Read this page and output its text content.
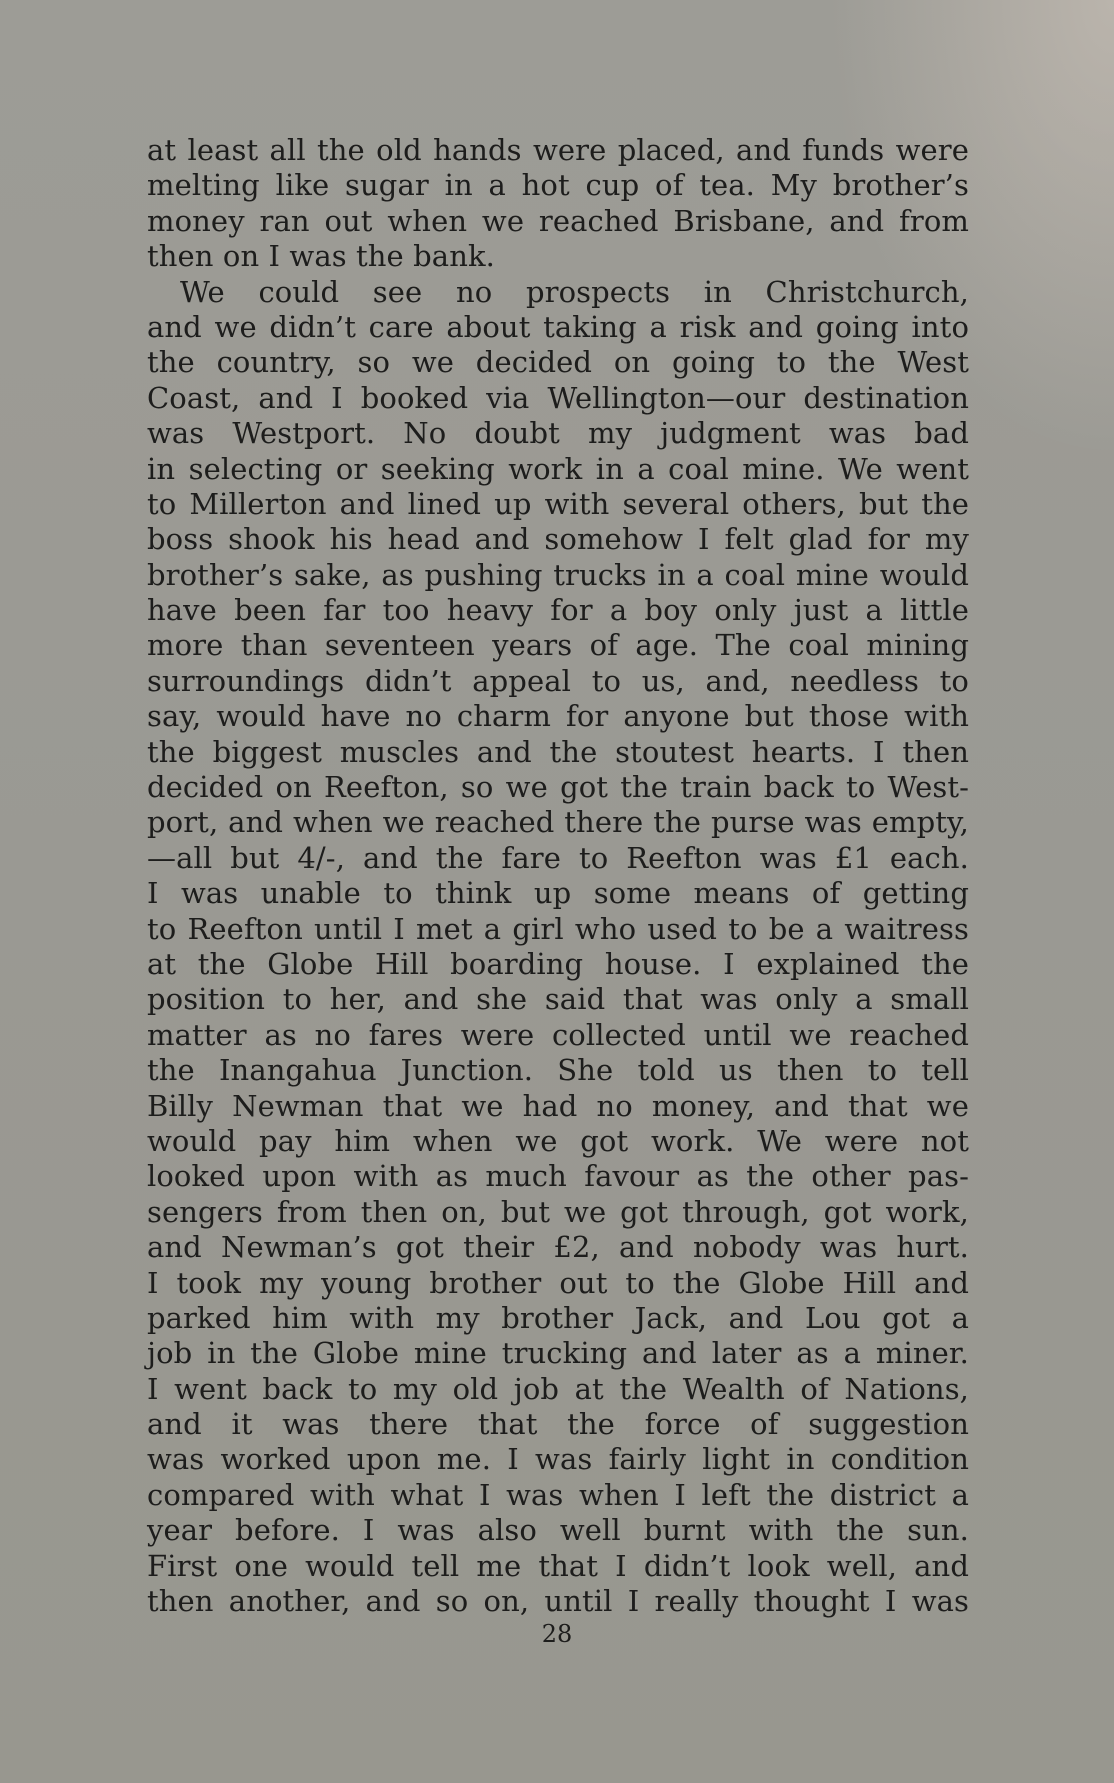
at least all the old hands were placed, and funds were
melting like sugar in a hot cup of tea. My brother’s
money ran out when we reached Brisbane, and from
then on I was the bank.
We could see no prospects in Christchurch,
and we didn’t care about taking a risk and going into
the country, so we decided on going to the West
Coast, and I booked via Wellington—our destination
was Westport. No doubt my judgment was bad
in selecting or seeking work in a coal mine. We went
to Millerton and lined up with several others, but the
boss shook his head and somehow I felt glad for my
brother’s sake, as pushing trucks in a coal mine would
have been far too heavy for a boy only just a little
more than seventeen years of age. The coal mining
surroundings didn’t appeal to us, and, needless to
say, would have no charm for anyone but those with
the biggest muscles and the stoutest hearts. I then
decided on Reefton, so we got the train back to West-
port, and when we reached there the purse was empty,
—all but 4/-, and the fare to Reefton was £1 each.
I was unable to think up some means of getting
to Reefton until I met a girl who used to be a waitress
at the Globe Hill boarding house. I explained the
position to her, and she said that was only a small
matter as no fares were collected until we reached
the Inangahua Junction. She told us then to tell
Billy Newman that we had no money, and that we
would pay him when we got work. We were not
looked upon with as much favour as the other pas-
sengers from then on, but we got through, got work,
and Newman’s got their £2, and nobody was hurt.
I took my young brother out to the Globe Hill and
parked him with my brother Jack, and Lou got a
job in the Globe mine trucking and later as a miner.
I went back to my old job at the Wealth of Nations,
and it was there that the force of suggestion
was worked upon me. I was fairly light in condition
compared with what I was when I left the district a
year before. I was also well burnt with the sun.
First one would tell me that I didn’t look well, and
then another, and so on, until I really thought I was
28
